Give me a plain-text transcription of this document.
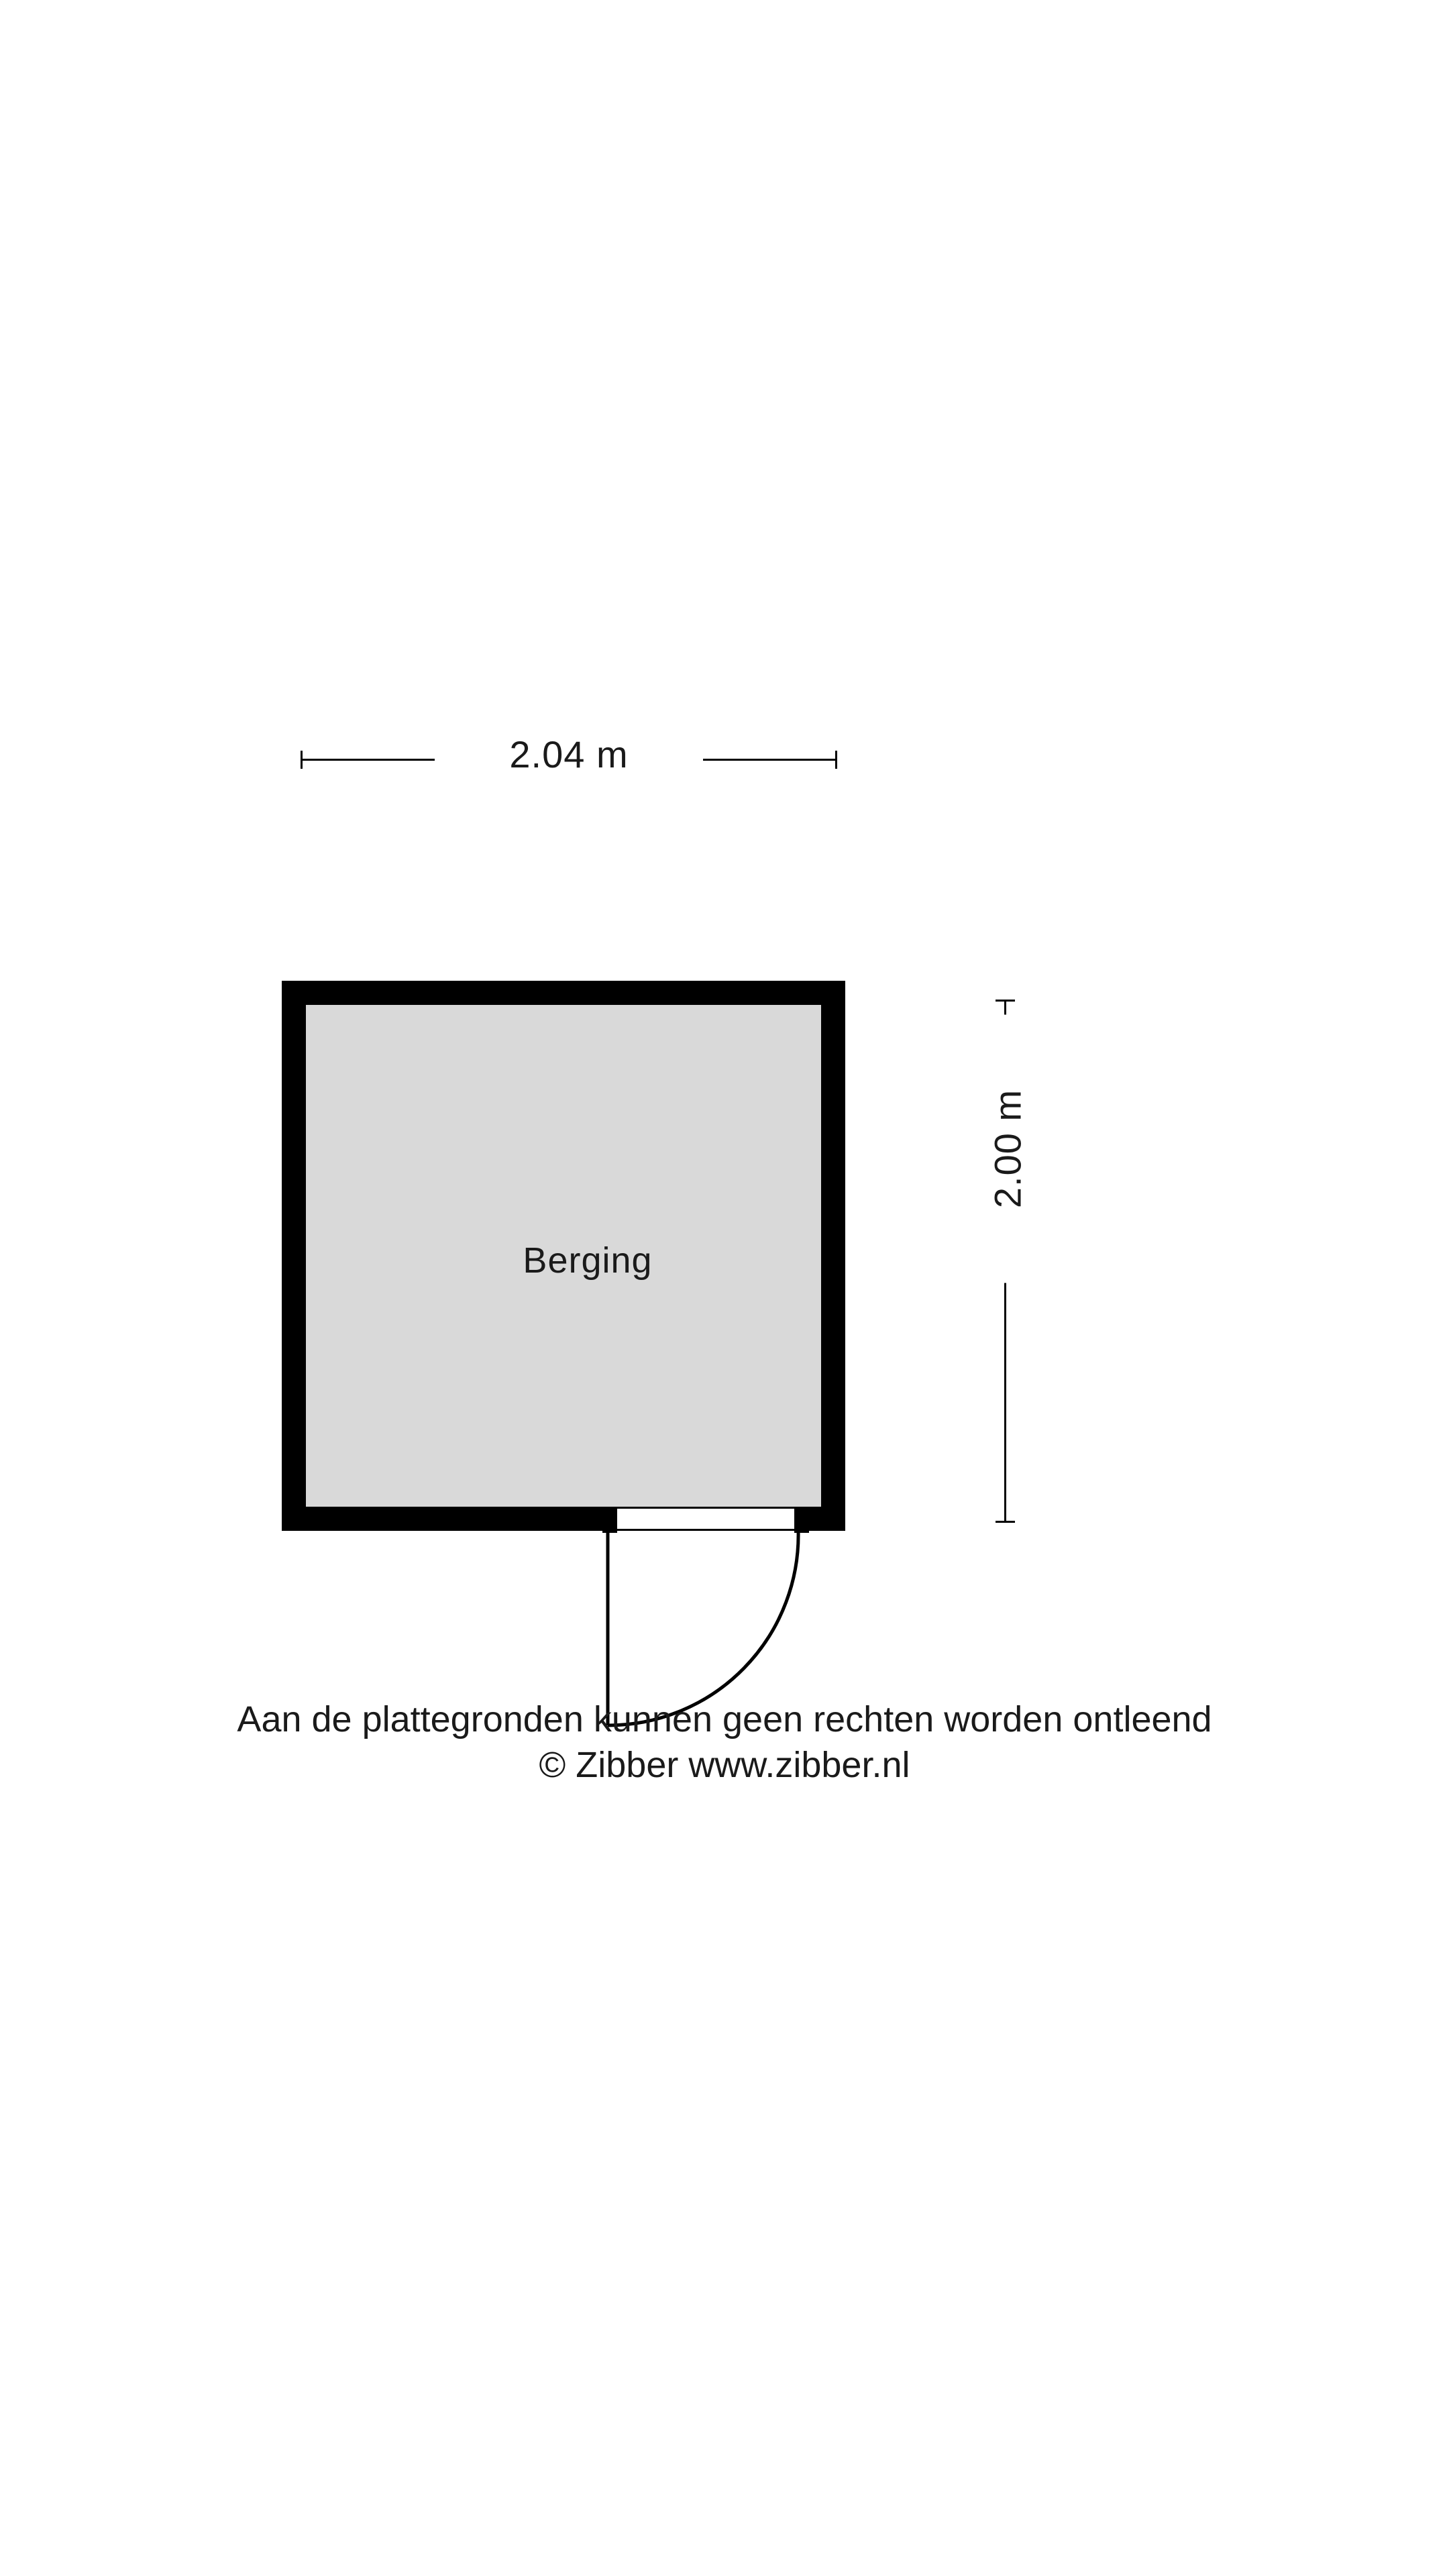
2.04 m
2.00 m
Berging
Aan de plattegronden kunnen geen rechten worden ontleend
© Zibber www.zibber.nl
